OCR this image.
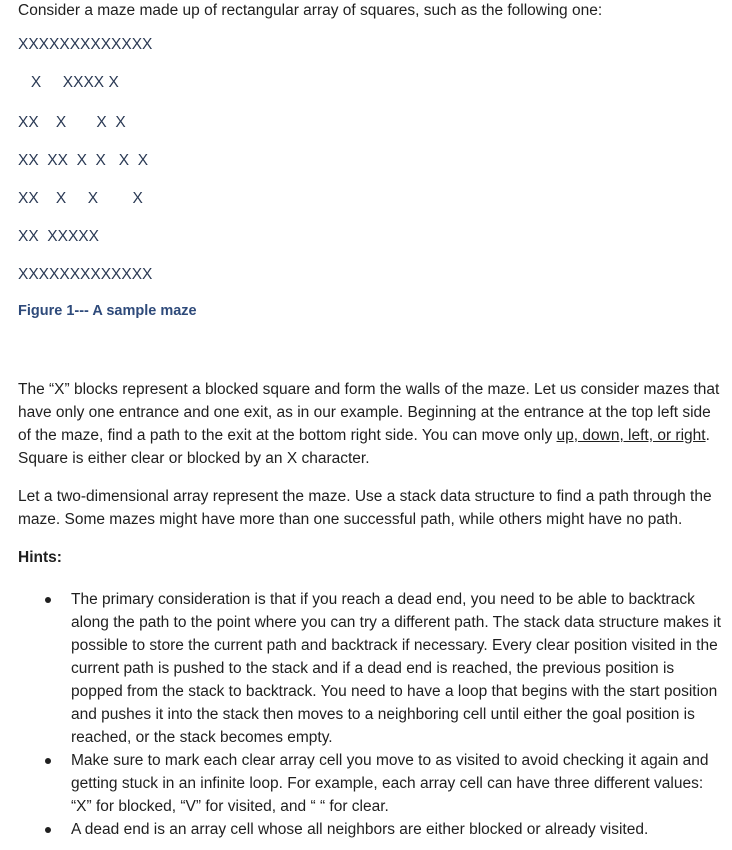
Consider a maze made up of rectangular array of squares, such as the following one:
XXXXXXXXXXXXX
X     XXXX X
XX    X       X  X
XX  XX  X  X   X  X
XX    X     X        X
XX  XXXXX
XXXXXXXXXXXXX
Figure 1--- A sample maze

The “X” blocks represent a blocked square and form the walls of the maze. Let us consider mazes that have only one entrance and one exit, as in our example. Beginning at the entrance at the top left side of the maze, find a path to the exit at the bottom right side. You can move only up, down, left, or right. Square is either clear or blocked by an X character.

Let a two-dimensional array represent the maze. Use a stack data structure to find a path through the maze. Some mazes might have more than one successful path, while others might have no path.

Hints:
The primary consideration is that if you reach a dead end, you need to be able to backtrack along the path to the point where you can try a different path. The stack data structure makes it possible to store the current path and backtrack if necessary. Every clear position visited in the current path is pushed to the stack and if a dead end is reached, the previous position is popped from the stack to backtrack. You need to have a loop that begins with the start position and pushes it into the stack then moves to a neighboring cell until either the goal position is reached, or the stack becomes empty.
Make sure to mark each clear array cell you move to as visited to avoid checking it again and getting stuck in an infinite loop. For example, each array cell can have three different values: “X” for blocked, “V” for visited, and “ “ for clear.
A dead end is an array cell whose all neighbors are either blocked or already visited.
